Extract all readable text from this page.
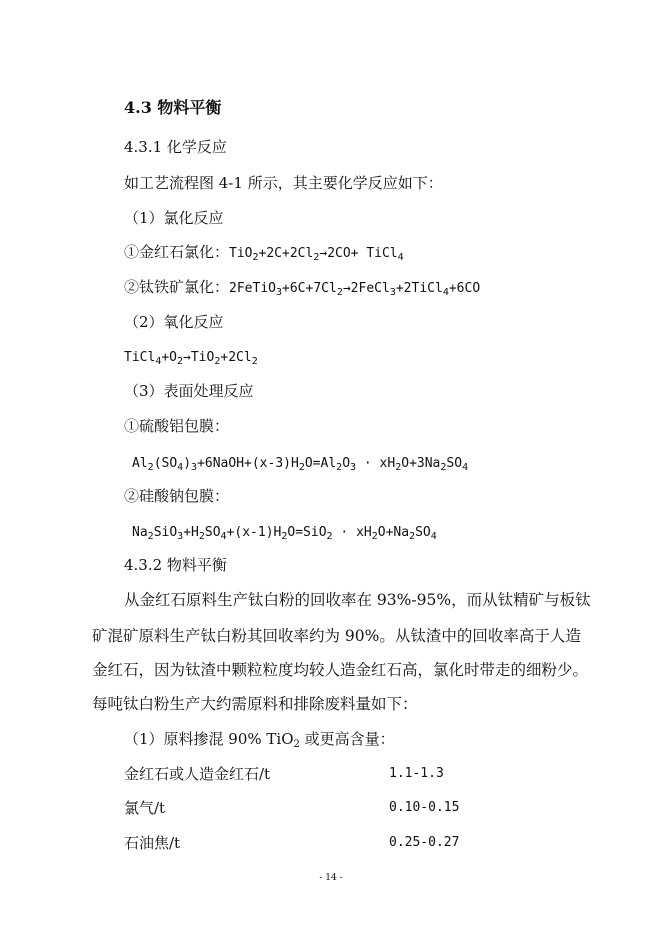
4.3 物料平衡
4.3.1 化学反应
如工艺流程图 4-1 所示，其主要化学反应如下：
（1）氯化反应
①金红石氯化：$TiO_2+2C+2Cl_2\to 2CO+$ TiCl$_4$
②钛铁矿氯化：$2FeTiO_3+6C+7Cl_2\to 2FeCl_3+2TiCl_4+6CO$
（2）氧化反应
$TiCl_4+O_2\to TiO_2+2Cl_2$
（3）表面处理反应
①硫酸铝包膜：
$Al_2(SO_4)_3+6NaOH+(x-3)H_2O=Al_2O_3 \cdot xH_2O+3Na_2SO_4$
②硅酸钠包膜：
$Na_2SiO_3+H_2SO_4+(x-1)H_2O=SiO_2 \cdot xH_2O+Na_2SO_4$
4.3.2 物料平衡
从金红石原料生产钛白粉的回收率在 93%-95%，而从钛精矿与板钛
矿混矿原料生产钛白粉其回收率约为 90%。从钛渣中的回收率高于人造
金红石，因为钛渣中颗粒粒度均较人造金红石高，氯化时带走的细粉少。
每吨钛白粉生产大约需原料和排除废料量如下：
（1）原料掺混 90% TiO$_2$ 或更高含量：
金红石或人造金红石/t	1.1-1.3
氯气/t	0.10-0.15
石油焦/t	0.25-0.27
- 14 -
